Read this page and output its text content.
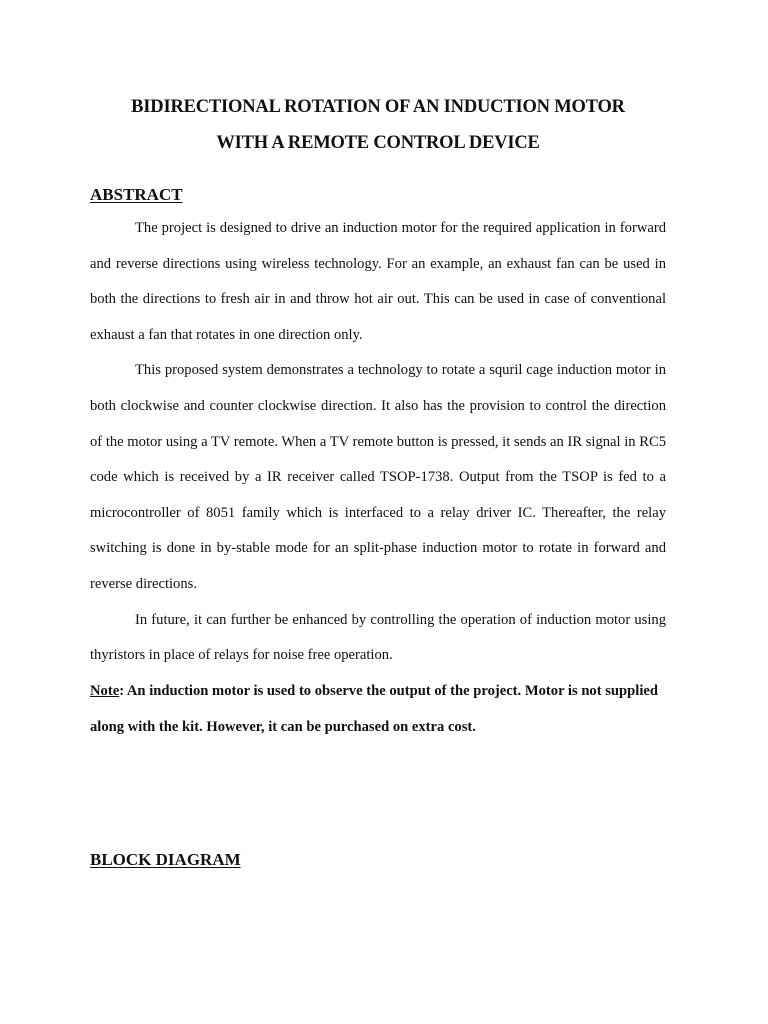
BIDIRECTIONAL ROTATION OF AN INDUCTION MOTOR
WITH A REMOTE CONTROL DEVICE
ABSTRACT

The project is designed to drive an induction motor for the required application in forward and reverse directions using wireless technology. For an example, an exhaust fan can be used in both the directions to fresh air in and throw hot air out. This can be used in case of conventional exhaust a fan that rotates in one direction only.

This proposed system demonstrates a technology to rotate a squril cage induction motor in both clockwise and counter clockwise direction. It also has the provision to control the direction of the motor using a TV remote. When a TV remote button is pressed, it sends an IR signal in RC5 code which is received by a IR receiver called TSOP-1738. Output from the TSOP is fed to a microcontroller of 8051 family which is interfaced to a relay driver IC. Thereafter, the relay switching is done in by-stable mode for an split-phase induction motor to rotate in forward and reverse directions.

In future, it can further be enhanced by controlling the operation of induction motor using thyristors in place of relays for noise free operation.

Note: An induction motor is used to observe the output of the project. Motor is not supplied along with the kit. However, it can be purchased on extra cost.

BLOCK DIAGRAM
